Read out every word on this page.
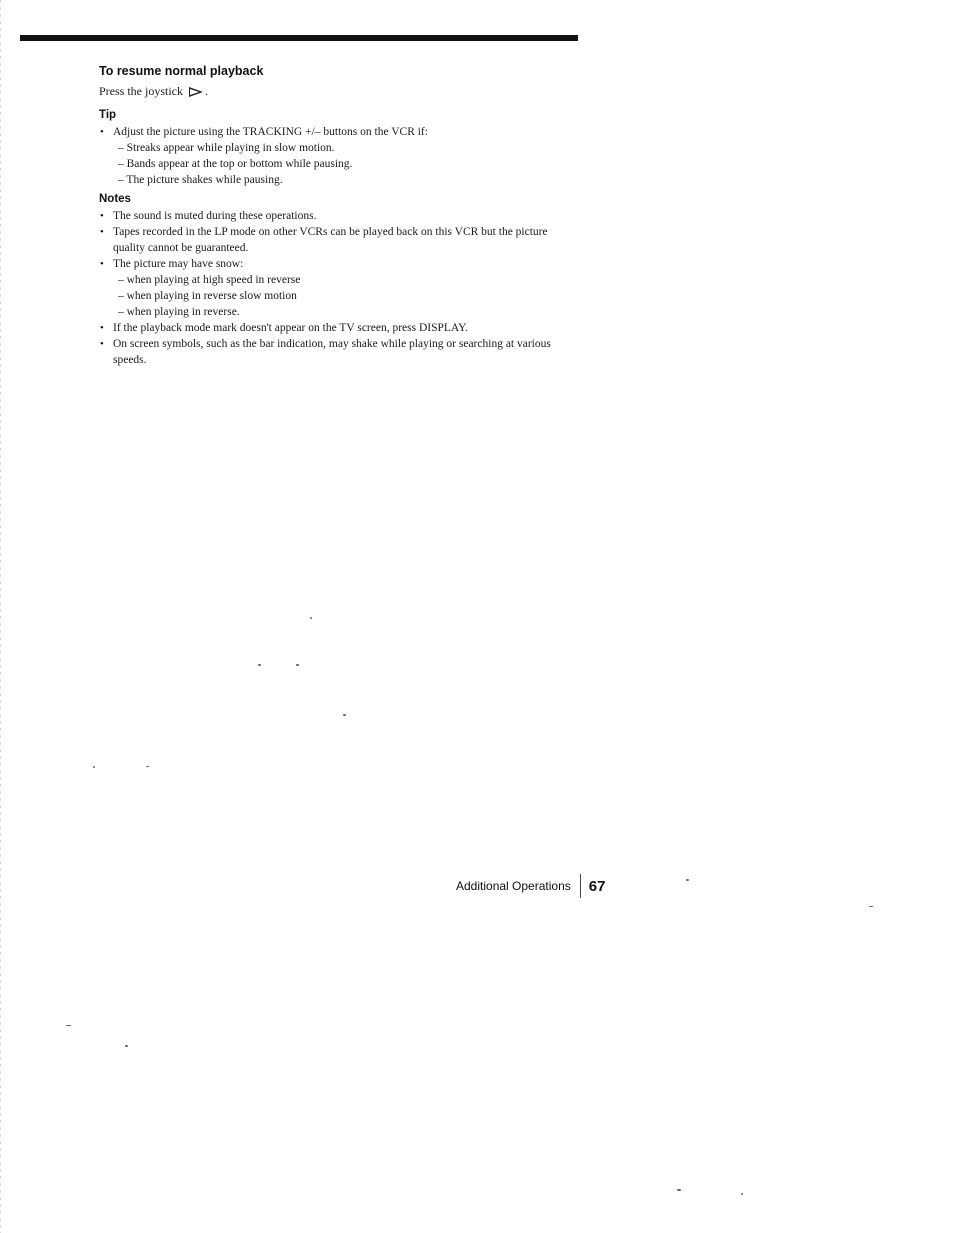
To resume normal playback

Press the joystick .

Tip
• Adjust the picture using the TRACKING +/– buttons on the VCR if:
– Streaks appear while playing in slow motion.
– Bands appear at the top or bottom while pausing.
– The picture shakes while pausing.
Notes
• The sound is muted during these operations.
• Tapes recorded in the LP mode on other VCRs can be played back on this VCR but the picture quality cannot be guaranteed.
• The picture may have snow:
– when playing at high speed in reverse
– when playing in reverse slow motion
– when playing in reverse.
• If the playback mode mark doesn't appear on the TV screen, press DISPLAY.
• On screen symbols, such as the bar indication, may shake while playing or searching at various speeds.
Additional Operations 67
